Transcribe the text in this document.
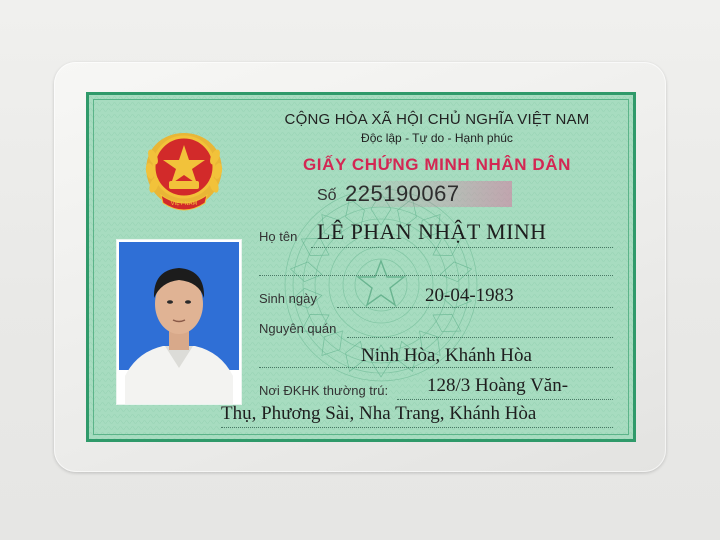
VIỆT NAM
CỘNG HÒA XÃ HỘI CHỦ NGHĨA VIỆT NAM
Độc lập - Tự do - Hạnh phúc
GIẤY CHỨNG MINH NHÂN DÂN
Số 225190067
Họ tên LÊ PHAN NHẬT MINH
Sinh ngày	20-04-1983
Nguyên quán
Ninh Hòa, Khánh Hòa
Nơi ĐKHK thường trú: 128/3 Hoàng Văn-
Thụ, Phương Sài, Nha Trang, Khánh Hòa
